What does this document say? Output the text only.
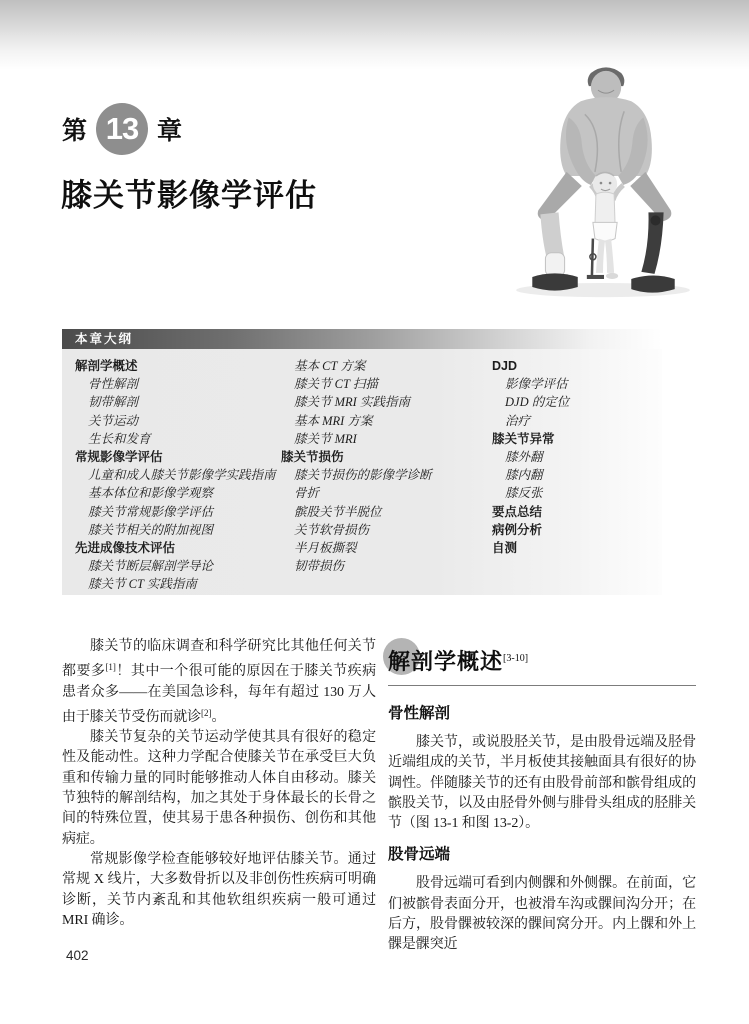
第 13 章
膝关节影像学评估
本章大纲
解剖学概述
骨性解剖
韧带解剖
关节运动
生长和发育
常规影像学评估
儿童和成人膝关节影像学实践指南
基本体位和影像学观察
膝关节常规影像学评估
膝关节相关的附加视图
先进成像技术评估
膝关节断层解剖学导论
膝关节 CT 实践指南
基本 CT 方案
膝关节 CT 扫描
膝关节 MRI 实践指南
基本 MRI 方案
膝关节 MRI
膝关节损伤
膝关节损伤的影像学诊断
骨折
髌股关节半脱位
关节软骨损伤
半月板撕裂
韧带损伤
DJD
影像学评估
DJD 的定位
治疗
膝关节异常
膝外翻
膝内翻
膝反张
要点总结
病例分析
自测

膝关节的临床调查和科学研究比其他任何关节都要多[1]！其中一个很可能的原因在于膝关节疾病患者众多——在美国急诊科，每年有超过 130 万人由于膝关节受伤而就诊[2]。

膝关节复杂的关节运动学使其具有很好的稳定性及能动性。这种力学配合使膝关节在承受巨大负重和传输力量的同时能够推动人体自由移动。膝关节独特的解剖结构，加之其处于身体最长的长骨之间的特殊位置，使其易于患各种损伤、创伤和其他病症。

常规影像学检查能够较好地评估膝关节。通过常规 X 线片，大多数骨折以及非创伤性疾病可明确诊断，关节内紊乱和其他软组织疾病一般可通过 MRI 确诊。

解剖学概述[3-10]
骨性解剖

膝关节，或说股胫关节，是由股骨远端及胫骨近端组成的关节，半月板使其接触面具有很好的协调性。伴随膝关节的还有由股骨前部和髌骨组成的髌股关节，以及由胫骨外侧与腓骨头组成的胫腓关节（图 13-1 和图 13-2）。

股骨远端

股骨远端可看到内侧髁和外侧髁。在前面，它们被髌骨表面分开，也被滑车沟或髁间沟分开；在后方，股骨髁被较深的髁间窝分开。内上髁和外上髁是髁突近

402
